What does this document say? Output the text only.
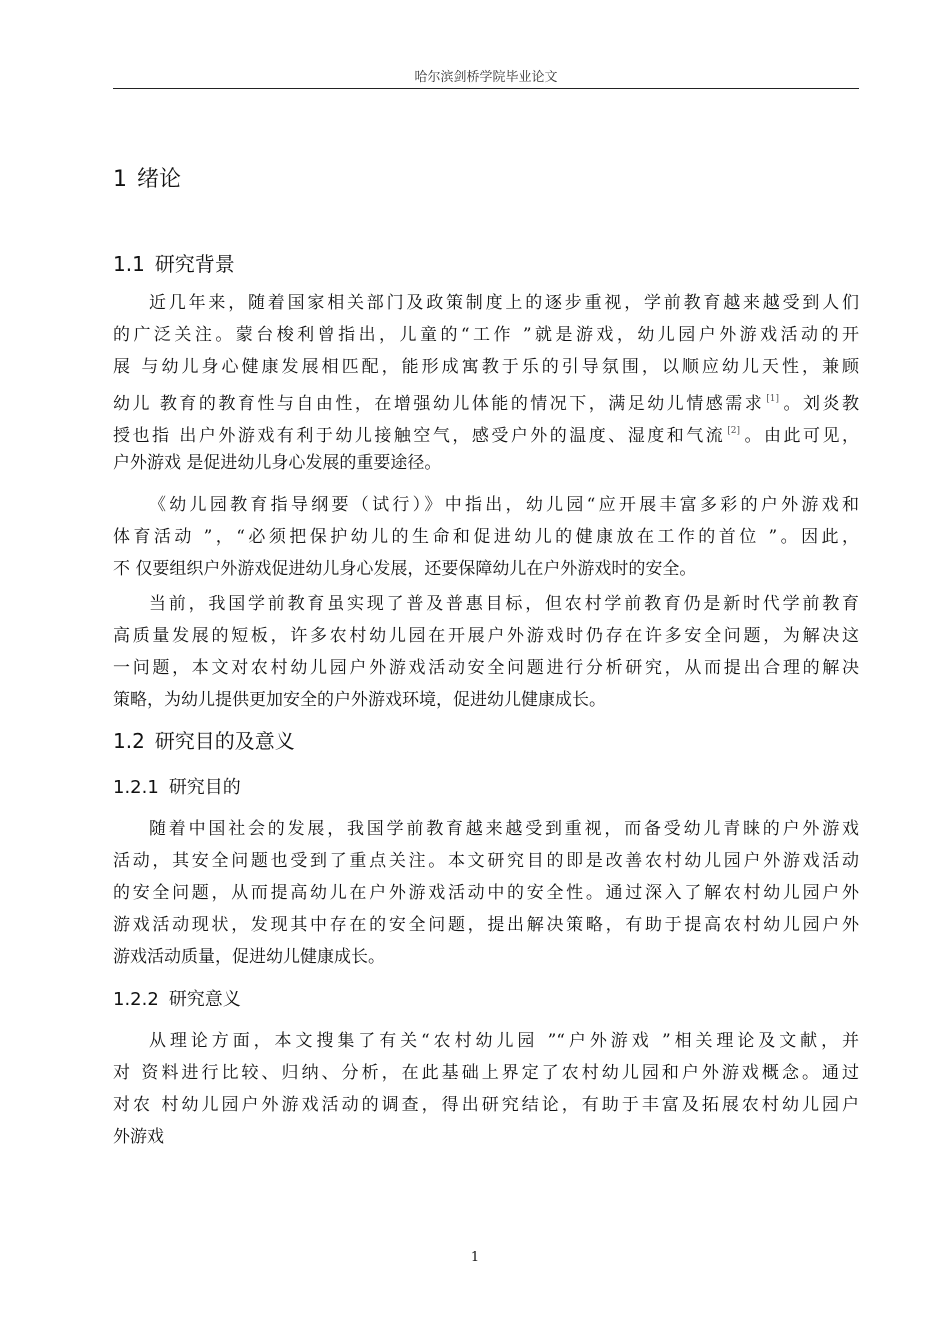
哈尔滨剑桥学院毕业论文
1 绪论
1.1 研究背景
近几年来，随着国家相关部门及政策制度上的逐步重视，学前教育越来越受到人们
的广泛关注。蒙台梭利曾指出，儿童的“工作 ”就是游戏，幼儿园户外游戏活动的开
展 与幼儿身心健康发展相匹配，能形成寓教于乐的引导氛围，以顺应幼儿天性，兼顾
幼儿 教育的教育性与自由性，在增强幼儿体能的情况下，满足幼儿情感需求 [1] 。刘炎教
授也指 出户外游戏有利于幼儿接触空气，感受户外的温度、湿度和气流 [2] 。由此可见，
户外游戏 是促进幼儿身心发展的重要途径。
《幼儿园教育指导纲要（试行）》中指出，幼儿园“应开展丰富多彩的户外游戏和
体育活动 ”，“必须把保护幼儿的生命和促进幼儿的健康放在工作的首位 ”。因此，
不 仅要组织户外游戏促进幼儿身心发展，还要保障幼儿在户外游戏时的安全。
当前，我国学前教育虽实现了普及普惠目标，但农村学前教育仍是新时代学前教育
高质量发展的短板，许多农村幼儿园在开展户外游戏时仍存在许多安全问题，为解决这
一问题，本文对农村幼儿园户外游戏活动安全问题进行分析研究，从而提出合理的解决
策略，为幼儿提供更加安全的户外游戏环境，促进幼儿健康成长。
1.2 研究目的及意义
1.2.1 研究目的
随着中国社会的发展，我国学前教育越来越受到重视，而备受幼儿青睐的户外游戏
活动，其安全问题也受到了重点关注。本文研究目的即是改善农村幼儿园户外游戏活动
的安全问题，从而提高幼儿在户外游戏活动中的安全性。通过深入了解农村幼儿园户外
游戏活动现状，发现其中存在的安全问题，提出解决策略，有助于提高农村幼儿园户外
游戏活动质量，促进幼儿健康成长。
1.2.2 研究意义
从理论方面，本文搜集了有关“农村幼儿园 ”“户外游戏 ”相关理论及文献，并
对 资料进行比较、归纳、分析，在此基础上界定了农村幼儿园和户外游戏概念。通过
对农 村幼儿园户外游戏活动的调查，得出研究结论，有助于丰富及拓展农村幼儿园户
外游戏
1
